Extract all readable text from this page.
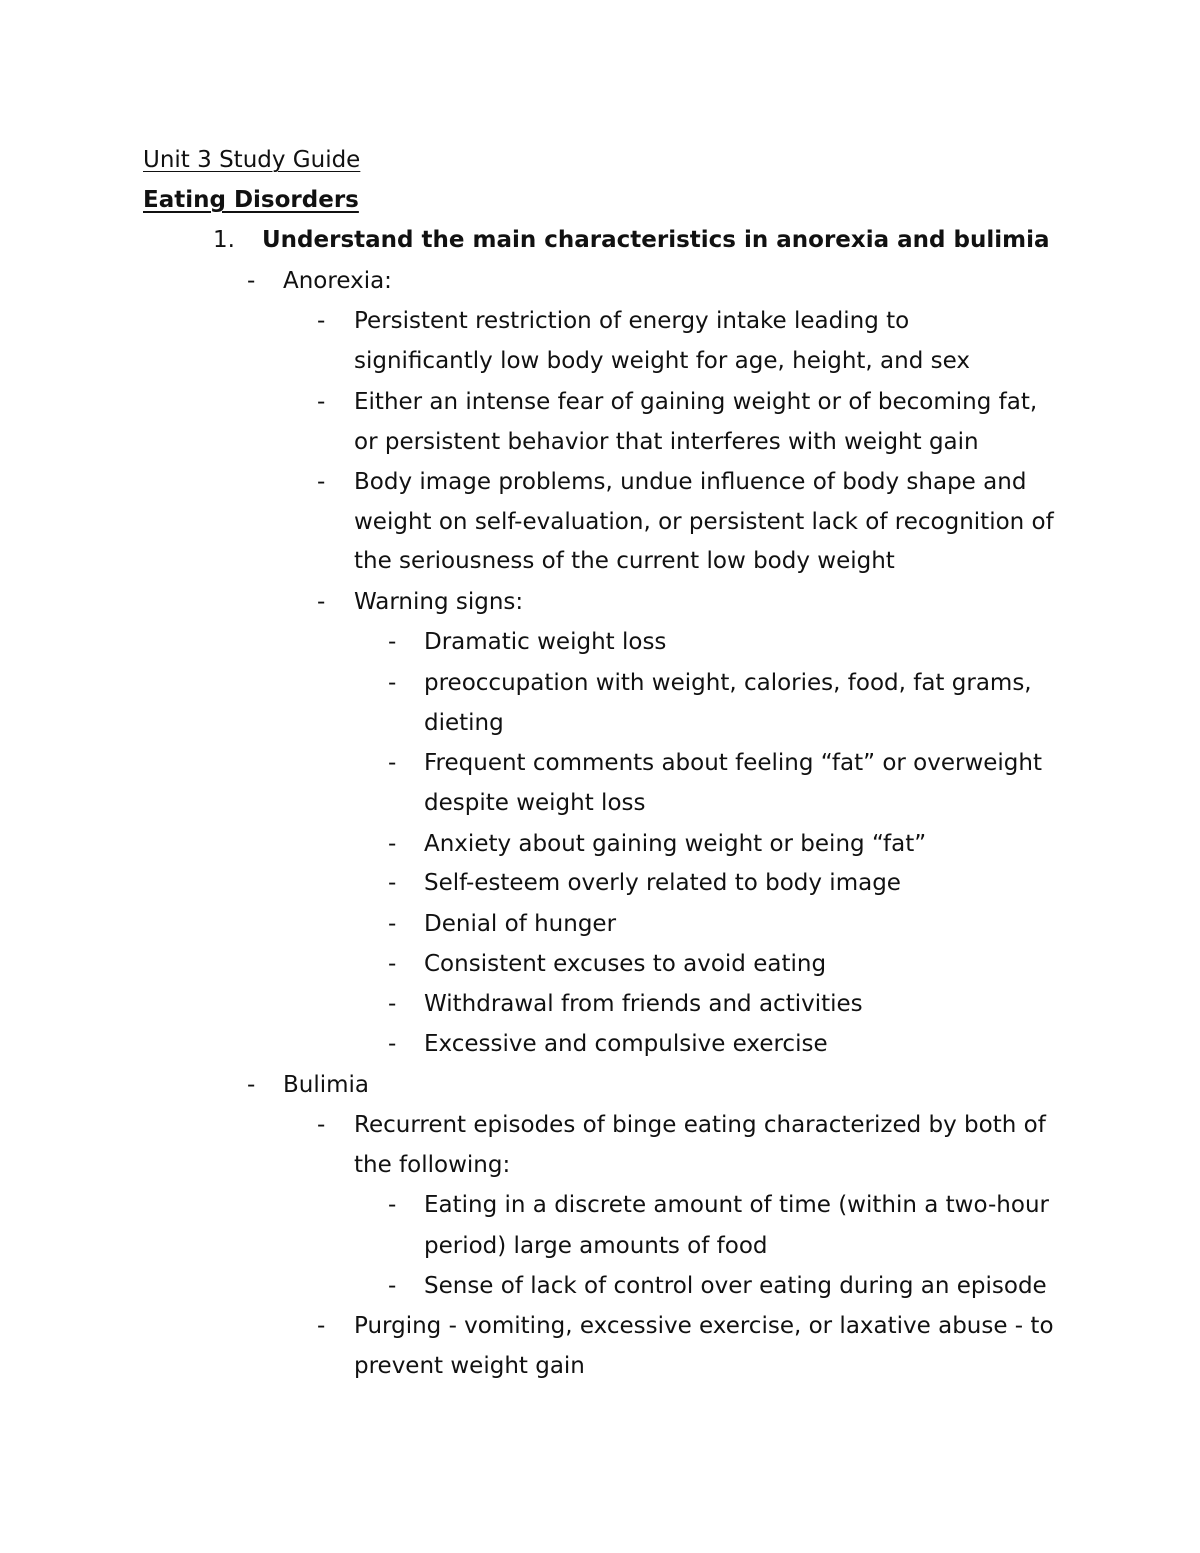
Unit 3 Study Guide

Eating Disorders

1. Understand the main characteristics in anorexia and bulimia

- Anorexia:

- Persistent restriction of energy intake leading to

significantly low body weight for age, height, and sex

- Either an intense fear of gaining weight or of becoming fat,

or persistent behavior that interferes with weight gain

- Body image problems, undue influence of body shape and

weight on self-evaluation, or persistent lack of recognition of

the seriousness of the current low body weight

- Warning signs:

- Dramatic weight loss

- preoccupation with weight, calories, food, fat grams,

dieting

- Frequent comments about feeling “fat” or overweight

despite weight loss

- Anxiety about gaining weight or being “fat”

- Self-esteem overly related to body image

- Denial of hunger

- Consistent excuses to avoid eating

- Withdrawal from friends and activities

- Excessive and compulsive exercise

- Bulimia

- Recurrent episodes of binge eating characterized by both of

the following:

- Eating in a discrete amount of time (within a two-hour

period) large amounts of food

- Sense of lack of control over eating during an episode

- Purging - vomiting, excessive exercise, or laxative abuse - to

prevent weight gain
